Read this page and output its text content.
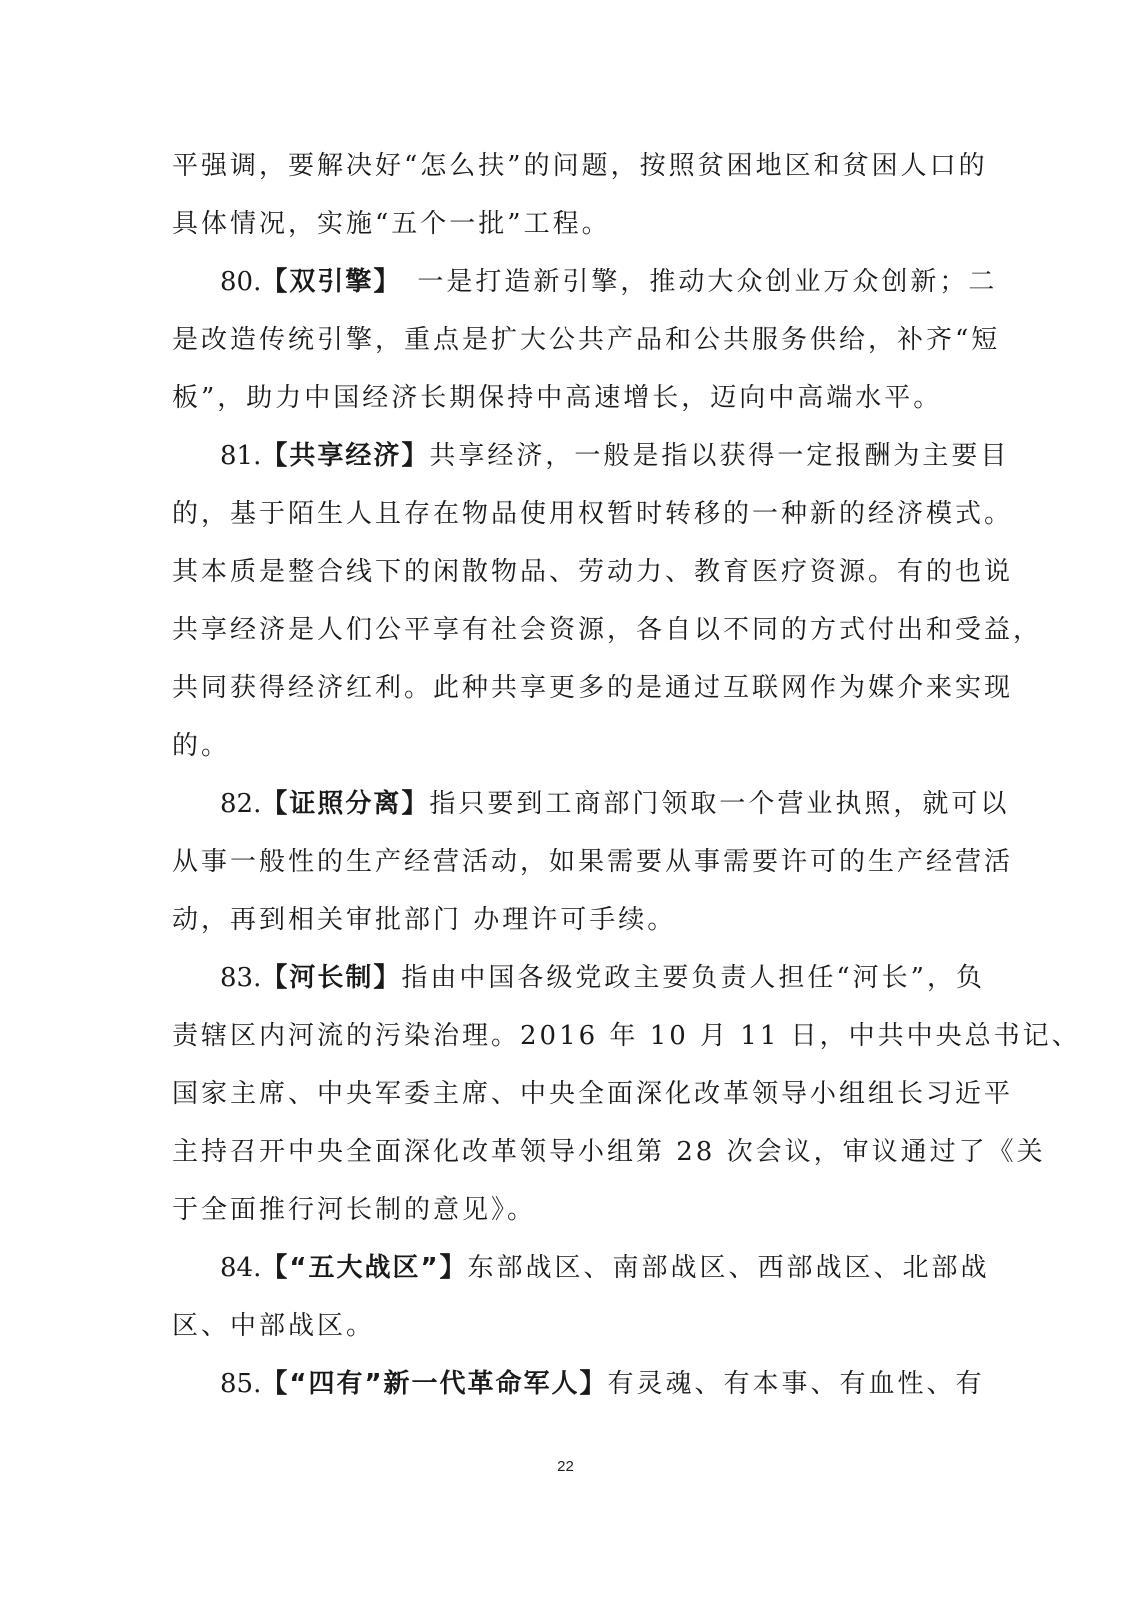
平强调，要解决好“怎么扶”的问题，按照贫困地区和贫困人口的
具体情况，实施“五个一批”工程。
80.【双引擎】　一是打造新引擎，推动大众创业万众创新；二
是改造传统引擎，重点是扩大公共产品和公共服务供给，补齐“短
板”，助力中国经济长期保持中高速增长，迈向中高端水平。
81.【共享经济】共享经济，一般是指以获得一定报酬为主要目
的，基于陌生人且存在物品使用权暂时转移的一种新的经济模式。
其本质是整合线下的闲散物品、劳动力、教育医疗资源。有的也说
共享经济是人们公平享有社会资源，各自以不同的方式付出和受益，
共同获得经济红利。此种共享更多的是通过互联网作为媒介来实现
的。
82.【证照分离】指只要到工商部门领取一个营业执照，就可以
从事一般性的生产经营活动，如果需要从事需要许可的生产经营活
动，再到相关审批部门 办理许可手续。
83.【河长制】指由中国各级党政主要负责人担任“河长”，负
责辖区内河流的污染治理。2016 年 10 月 11 日，中共中央总书记、
国家主席、中央军委主席、中央全面深化改革领导小组组长习近平
主持召开中央全面深化改革领导小组第 28 次会议，审议通过了《关
于全面推行河长制的意见》。
84.【“五大战区”】东部战区、南部战区、西部战区、北部战
区、中部战区。
85.【“四有”新一代革命军人】有灵魂、有本事、有血性、有
22
